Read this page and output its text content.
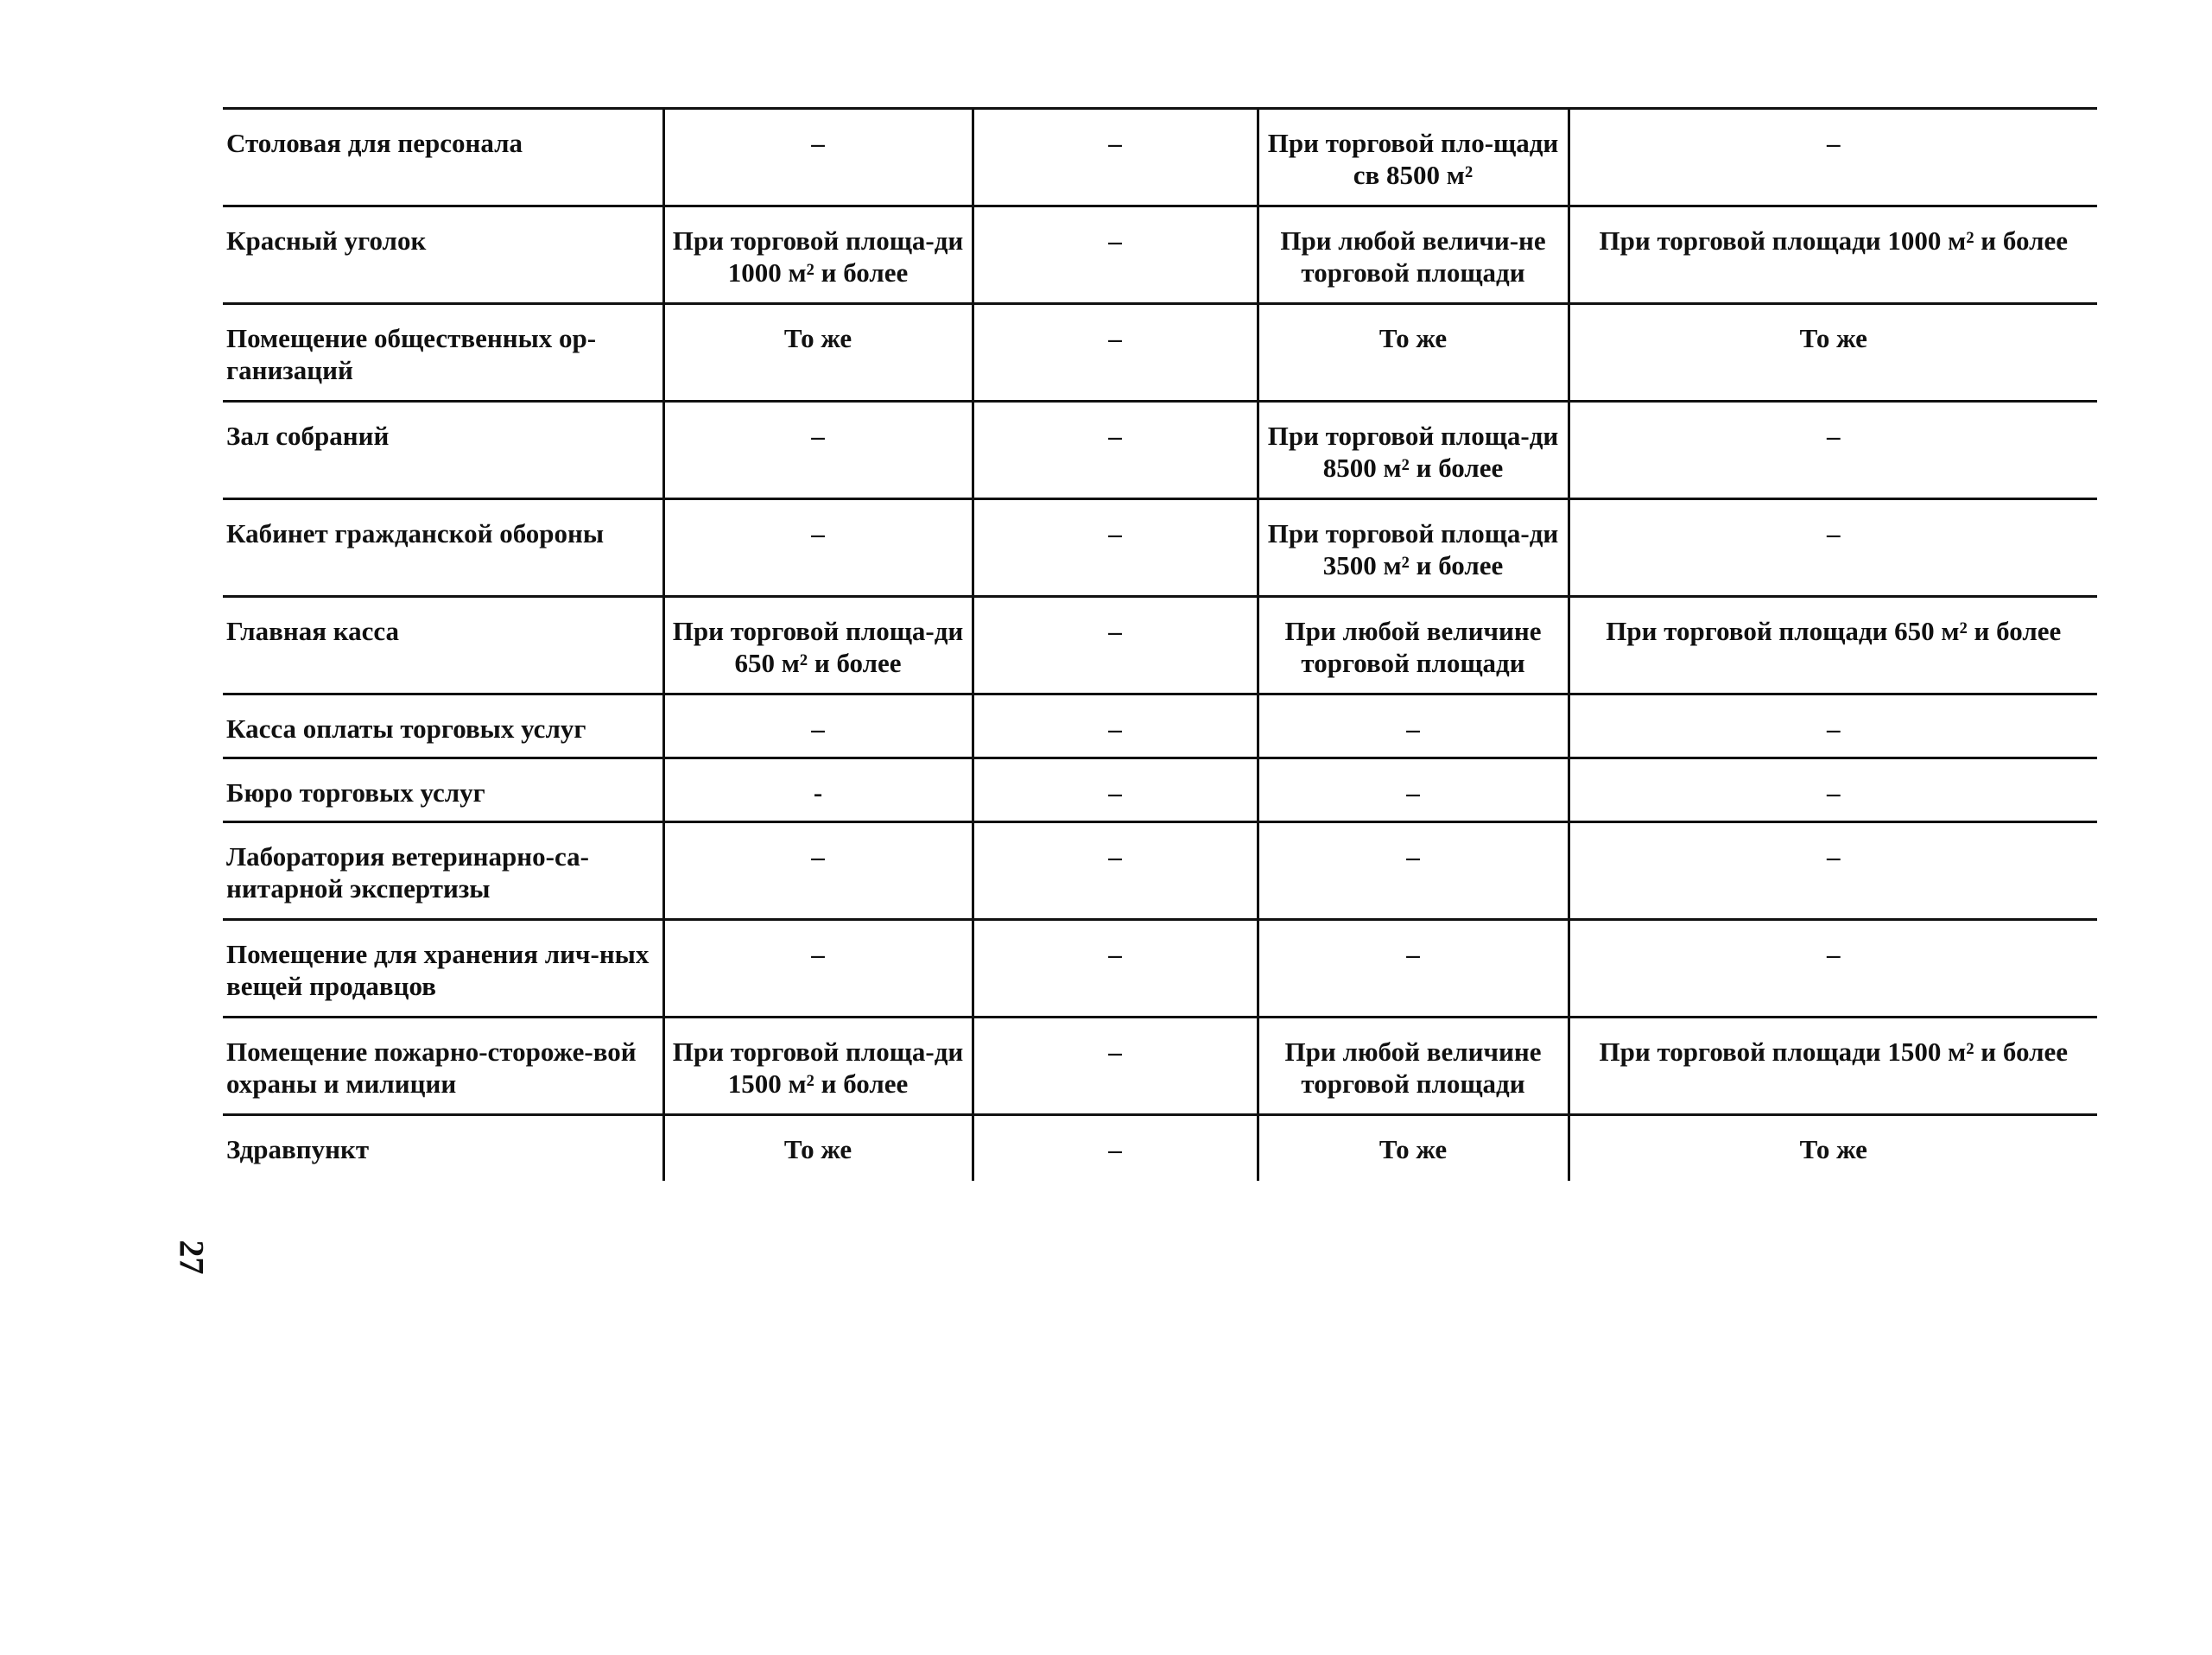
Столовая для персонала	–	–	При торговой пло-щади св 8500 м²	–
Красный уголок	При торговой площа-ди 1000 м² и более	–	При любой величи-не торговой площади	При торговой площади 1000 м² и более
Помещение общественных ор-ганизаций	То же	–	То же	То же
Зал собраний	–	–	При торговой площа-ди 8500 м² и более	–
Кабинет гражданской обороны	–	–	При торговой площа-ди 3500 м² и более	–
Главная касса	При торговой площа-ди 650 м² и более	–	При любой величине торговой площади	При торговой площади 650 м² и более
Касса оплаты торговых услуг	–	–	–	–
Бюро торговых услуг	-	–	–	–
Лаборатория ветеринарно-са-нитарной экспертизы	–	–	–	–
Помещение для хранения лич-ных вещей продавцов	–	–	–	–
Помещение пожарно-стороже-вой охраны и милиции	При торговой площа-ди 1500 м² и более	–	При любой величине торговой площади	При торговой площади 1500 м² и более
Здравпункт	То же	–	То же	То же
27
